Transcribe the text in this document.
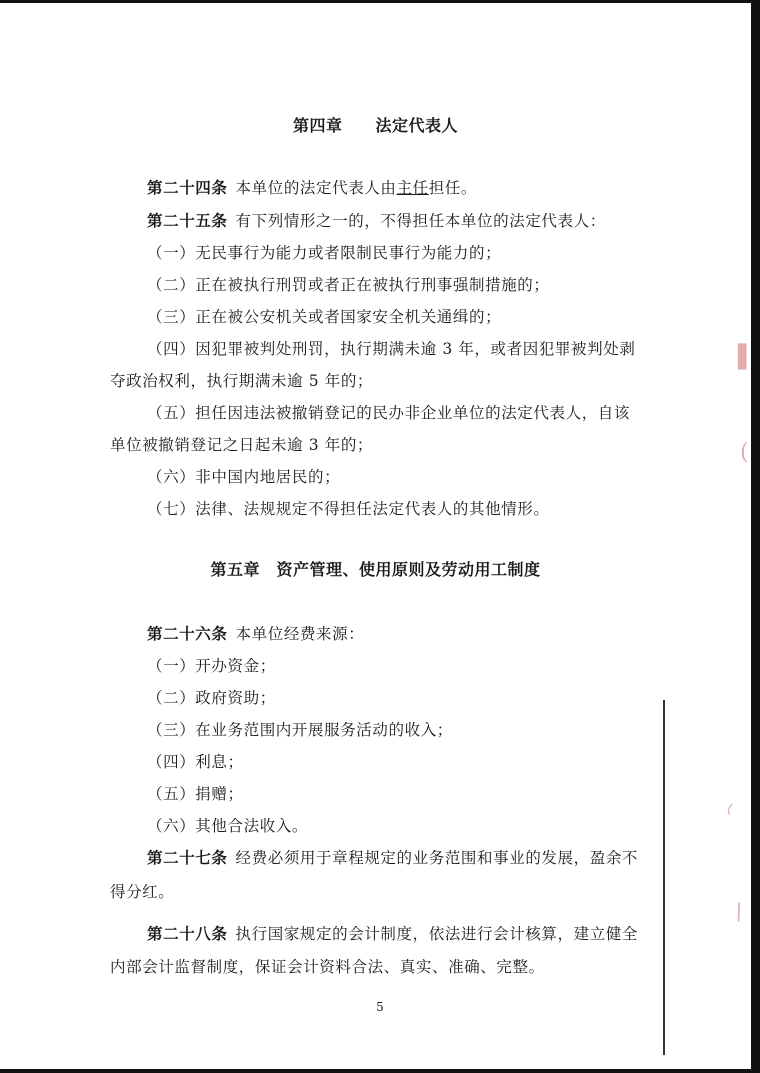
▌
(
◜
\
第四章　　法定代表人
第二十四条 本单位的法定代表人由主任担任。
第二十五条 有下列情形之一的，不得担任本单位的法定代表人：
（一）无民事行为能力或者限制民事行为能力的；
（二）正在被执行刑罚或者正在被执行刑事强制措施的；
（三）正在被公安机关或者国家安全机关通缉的；
（四）因犯罪被判处刑罚，执行期满未逾 3 年，或者因犯罪被判处剥
夺政治权利，执行期满未逾 5 年的；
（五）担任因违法被撤销登记的民办非企业单位的法定代表人，自该
单位被撤销登记之日起未逾 3 年的；
（六）非中国内地居民的；
（七）法律、法规规定不得担任法定代表人的其他情形。
第五章　资产管理、使用原则及劳动用工制度
第二十六条 本单位经费来源：
（一）开办资金；
（二）政府资助；
（三）在业务范围内开展服务活动的收入；
（四）利息；
（五）捐赠；
（六）其他合法收入。
第二十七条 经费必须用于章程规定的业务范围和事业的发展，盈余不
得分红。
第二十八条 执行国家规定的会计制度，依法进行会计核算，建立健全
内部会计监督制度，保证会计资料合法、真实、准确、完整。
5
